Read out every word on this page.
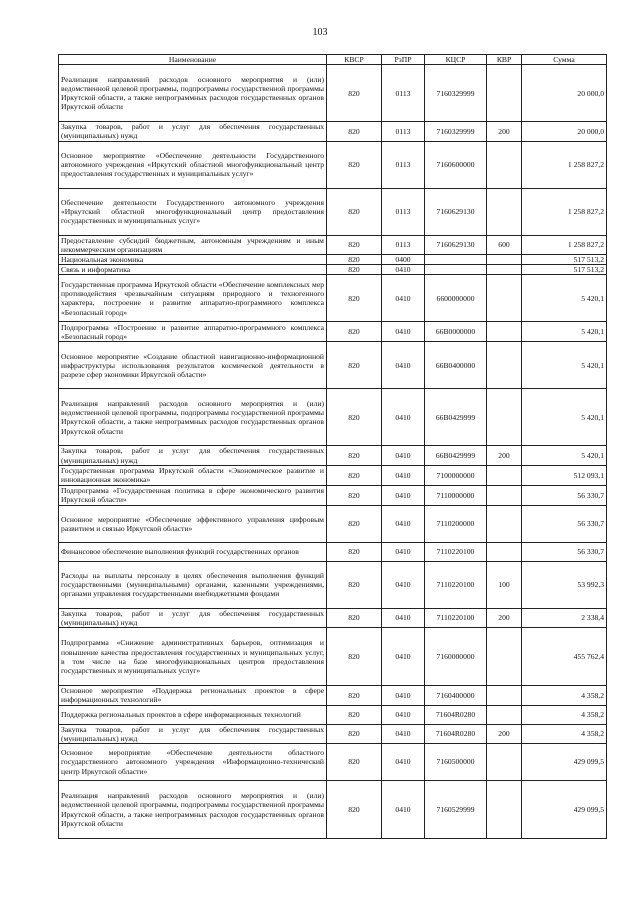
103
Наименование	КВСР	РзПР	КЦСР	КВР	Сумма
Реализация направлений расходов основного мероприятия и (или) ведомственной целевой программы, подпрограммы государственной программы Иркутской области, а также непрограммных расходов государственных органов Иркутской области	820	0113	7160329999		20 000,0
Закупка товаров, работ и услуг для обеспечения государственных (муниципальных) нужд	820	0113	7160329999	200	20 000,0
Основное мероприятие «Обеспечение деятельности Государственного автономного учреждения «Иркутский областной многофункциональный центр предоставления государственных и муниципальных услуг»	820	0113	7160600000		1 258 827,2
Обеспечение деятельности Государственного автономного учреждения «Иркутский областной многофункциональный центр предоставления государственных и муниципальных услуг»	820	0113	7160629130		1 258 827,2
Предоставление субсидий бюджетным, автономным учреждениям и иным некоммерческим организациям	820	0113	7160629130	600	1 258 827,2
Национальная экономика	820	0400			517 513,2
Связь и информатика	820	0410			517 513,2
Государственная программа Иркутской области «Обеспечение комплексных мер противодействия чрезвычайным ситуациям природного и техногенного характера, построение и развитие аппаратно-программного комплекса «Безопасный город»	820	0410	6600000000		5 420,1
Подпрограмма «Построение и развитие аппаратно-программного комплекса «Безопасный город»	820	0410	66В0000000		5 420,1
Основное мероприятие «Создание областной навигационно-информационной инфраструктуры использования результатов космической деятельности в разрезе сфер экономики Иркутской области»	820	0410	66В0400000		5 420,1
Реализация направлений расходов основного мероприятия и (или) ведомственной целевой программы, подпрограммы государственной программы Иркутской области, а также непрограммных расходов государственных органов Иркутской области	820	0410	66В0429999		5 420,1
Закупка товаров, работ и услуг для обеспечения государственных (муниципальных) нужд	820	0410	66В0429999	200	5 420,1
Государственная программа Иркутской области «Экономическое развитие и инновационная экономика»	820	0410	7100000000		512 093,1
Подпрограмма «Государственная политика в сфере экономического развития Иркутской области»	820	0410	7110000000		56 330,7
Основное мероприятие «Обеспечение эффективного управления цифровым развитием и связью Иркутской области»	820	0410	7110200000		56 330,7
Финансовое обеспечение выполнения функций государственных органов	820	0410	7110220100		56 330,7
Расходы на выплаты персоналу в целях обеспечения выполнения функций государственными (муниципальными) органами, казенными учреждениями, органами управления государственными внебюджетными фондами	820	0410	7110220100	100	53 992,3
Закупка товаров, работ и услуг для обеспечения государственных (муниципальных) нужд	820	0410	7110220100	200	2 338,4
Подпрограмма «Снижение административных барьеров, оптимизация и повышение качества предоставления государственных и муниципальных услуг, в том числе на базе многофункциональных центров предоставления государственных и муниципальных услуг»	820	0410	7160000000		455 762,4
Основное мероприятие «Поддержка региональных проектов в сфере информационных технологий»	820	0410	7160400000		4 358,2
Поддержка региональных проектов в сфере информационных технологий	820	0410	71604R0280		4 358,2
Закупка товаров, работ и услуг для обеспечения государственных (муниципальных) нужд	820	0410	71604R0280	200	4 358,2
Основное мероприятие «Обеспечение деятельности областного государственного автономного учреждения «Информационно-технический центр Иркутской области»	820	0410	7160500000		429 099,5
Реализация направлений расходов основного мероприятия и (или) ведомственной целевой программы, подпрограммы государственной программы Иркутской области, а также непрограммных расходов государственных органов Иркутской области	820	0410	7160529999		429 099,5
